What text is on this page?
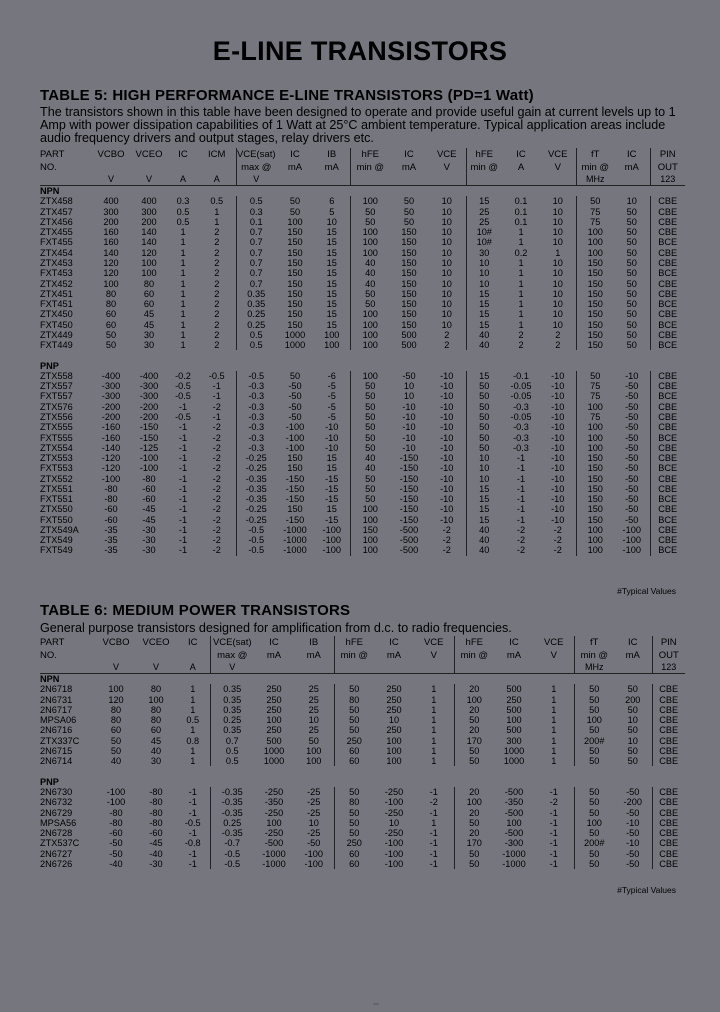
E-LINE TRANSISTORS
TABLE 5: HIGH PERFORMANCE E-LINE TRANSISTORS (PD=1 Watt)
The transistors shown in this table have been designed to operate and provide useful gain at current levels up to 1 Amp with power dissipation capabilities of 1 Watt at 25°C ambient temperature. Typical application areas include audio frequency drivers and output stages, relay drivers etc.
PART	VCBO	VCEO	IC	ICM	VCE(sat)	IC	IB	hFE	IC	VCE	hFE	IC	VCE	fT	IC	PIN
NO.					max @	mA	mA	min @	mA	V	min @	A	V	min @	mA	OUT
	V	V	A	A	V									MHz		123
NPN																
ZTX458	400	400	0.3	0.5	0.5	50	6	100	50	10	15	0.1	10	50	10	CBE
ZTX457	300	300	0.5	1	0.3	50	5	50	50	10	25	0.1	10	75	50	CBE
ZTX456	200	200	0.5	1	0.1	100	10	50	50	10	25	0.1	10	75	50	CBE
ZTX455	160	140	1	2	0.7	150	15	100	150	10	10#	1	10	100	50	CBE
FXT455	160	140	1	2	0.7	150	15	100	150	10	10#	1	10	100	50	BCE
ZTX454	140	120	1	2	0.7	150	15	100	150	10	30	0.2	1	100	50	CBE
ZTX453	120	100	1	2	0.7	150	15	40	150	10	10	1	10	150	50	CBE
FXT453	120	100	1	2	0.7	150	15	40	150	10	10	1	10	150	50	BCE
ZTX452	100	80	1	2	0.7	150	15	40	150	10	10	1	10	150	50	CBE
ZTX451	80	60	1	2	0.35	150	15	50	150	10	15	1	10	150	50	CBE
FXT451	80	60	1	2	0.35	150	15	50	150	10	15	1	10	150	50	BCE
ZTX450	60	45	1	2	0.25	150	15	100	150	10	15	1	10	150	50	CBE
FXT450	60	45	1	2	0.25	150	15	100	150	10	15	1	10	150	50	BCE
ZTX449	50	30	1	2	0.5	1000	100	100	500	2	40	2	2	150	50	CBE
FXT449	50	30	1	2	0.5	1000	100	100	500	2	40	2	2	150	50	BCE

PNP																
ZTX558	-400	-400	-0.2	-0.5	-0.5	50	-6	100	-50	-10	15	-0.1	-10	50	-10	CBE
ZTX557	-300	-300	-0.5	-1	-0.3	-50	-5	50	10	-10	50	-0.05	-10	75	-50	CBE
FXT557	-300	-300	-0.5	-1	-0.3	-50	-5	50	10	-10	50	-0.05	-10	75	-50	BCE
ZTX576	-200	-200	-1	-2	-0.3	-50	-5	50	-10	-10	50	-0.3	-10	100	-50	CBE
ZTX556	-200	-200	-0.5	-1	-0.3	-50	-5	50	-10	-10	50	-0.05	-10	75	-50	CBE
ZTX555	-160	-150	-1	-2	-0.3	-100	-10	50	-10	-10	50	-0.3	-10	100	-50	CBE
FXT555	-160	-150	-1	-2	-0.3	-100	-10	50	-10	-10	50	-0.3	-10	100	-50	BCE
ZTX554	-140	-125	-1	-2	-0.3	-100	-10	50	-10	-10	50	-0.3	-10	100	-50	CBE
ZTX553	-120	-100	-1	-2	-0.25	150	15	40	-150	-10	10	-1	-10	150	-50	CBE
FXT553	-120	-100	-1	-2	-0.25	150	15	40	-150	-10	10	-1	-10	150	-50	BCE
ZTX552	-100	-80	-1	-2	-0.35	-150	-15	50	-150	-10	10	-1	-10	150	-50	CBE
ZTX551	-80	-60	-1	-2	-0.35	-150	-15	50	-150	-10	15	-1	-10	150	-50	CBE
FXT551	-80	-60	-1	-2	-0.35	-150	-15	50	-150	-10	15	-1	-10	150	-50	BCE
ZTX550	-60	-45	-1	-2	-0.25	150	15	100	-150	-10	15	-1	-10	150	-50	CBE
FXT550	-60	-45	-1	-2	-0.25	-150	-15	100	-150	-10	15	-1	-10	150	-50	BCE
ZTX549A	-35	-30	-1	-2	-0.5	-1000	-100	150	-500	-2	40	-2	-2	100	-100	CBE
ZTX549	-35	-30	-1	-2	-0.5	-1000	-100	100	-500	-2	40	-2	-2	100	-100	CBE
FXT549	-35	-30	-1	-2	-0.5	-1000	-100	100	-500	-2	40	-2	-2	100	-100	BCE
#Typical Values
TABLE 6: MEDIUM POWER TRANSISTORS
General purpose transistors designed for amplification from d.c. to radio frequencies.
PART	VCBO	VCEO	IC	VCE(sat)	IC	IB	hFE	IC	VCE	hFE	IC	VCE	fT	IC	PIN
NO.				max @	mA	mA	min @	mA	V	min @	mA	V	min @	mA	OUT
	V	V	A	V									MHz		123
NPN															
2N6718	100	80	1	0.35	250	25	50	250	1	20	500	1	50	50	CBE
2N6731	120	100	1	0.35	250	25	80	250	1	100	250	1	50	200	CBE
2N6717	80	80	1	0.35	250	25	50	250	1	20	500	1	50	50	CBE
MPSA06	80	80	0.5	0.25	100	10	50	10	1	50	100	1	100	10	CBE
2N6716	60	60	1	0.35	250	25	50	250	1	20	500	1	50	50	CBE
ZTX337C	50	45	0.8	0.7	500	50	250	100	1	170	300	1	200#	10	CBE
2N6715	50	40	1	0.5	1000	100	60	100	1	50	1000	1	50	50	CBE
2N6714	40	30	1	0.5	1000	100	60	100	1	50	1000	1	50	50	CBE

PNP															
2N6730	-100	-80	-1	-0.35	-250	-25	50	-250	-1	20	-500	-1	50	-50	CBE
2N6732	-100	-80	-1	-0.35	-350	-25	80	-100	-2	100	-350	-2	50	-200	CBE
2N6729	-80	-80	-1	-0.35	-250	-25	50	-250	-1	20	-500	-1	50	-50	CBE
MPSA56	-80	-80	-0.5	0.25	100	10	50	10	1	50	100	-1	100	-10	CBE
2N6728	-60	-60	-1	-0.35	-250	-25	50	-250	-1	20	-500	-1	50	-50	CBE
ZTX537C	-50	-45	-0.8	-0.7	-500	-50	250	-100	-1	170	-300	-1	200#	-10	CBE
2N6727	-50	-40	-1	-0.5	-1000	-100	60	-100	-1	50	-1000	-1	50	-50	CBE
2N6726	-40	-30	-1	-0.5	-1000	-100	60	-100	-1	50	-1000	-1	50	-50	CBE
#Typical Values
~~
